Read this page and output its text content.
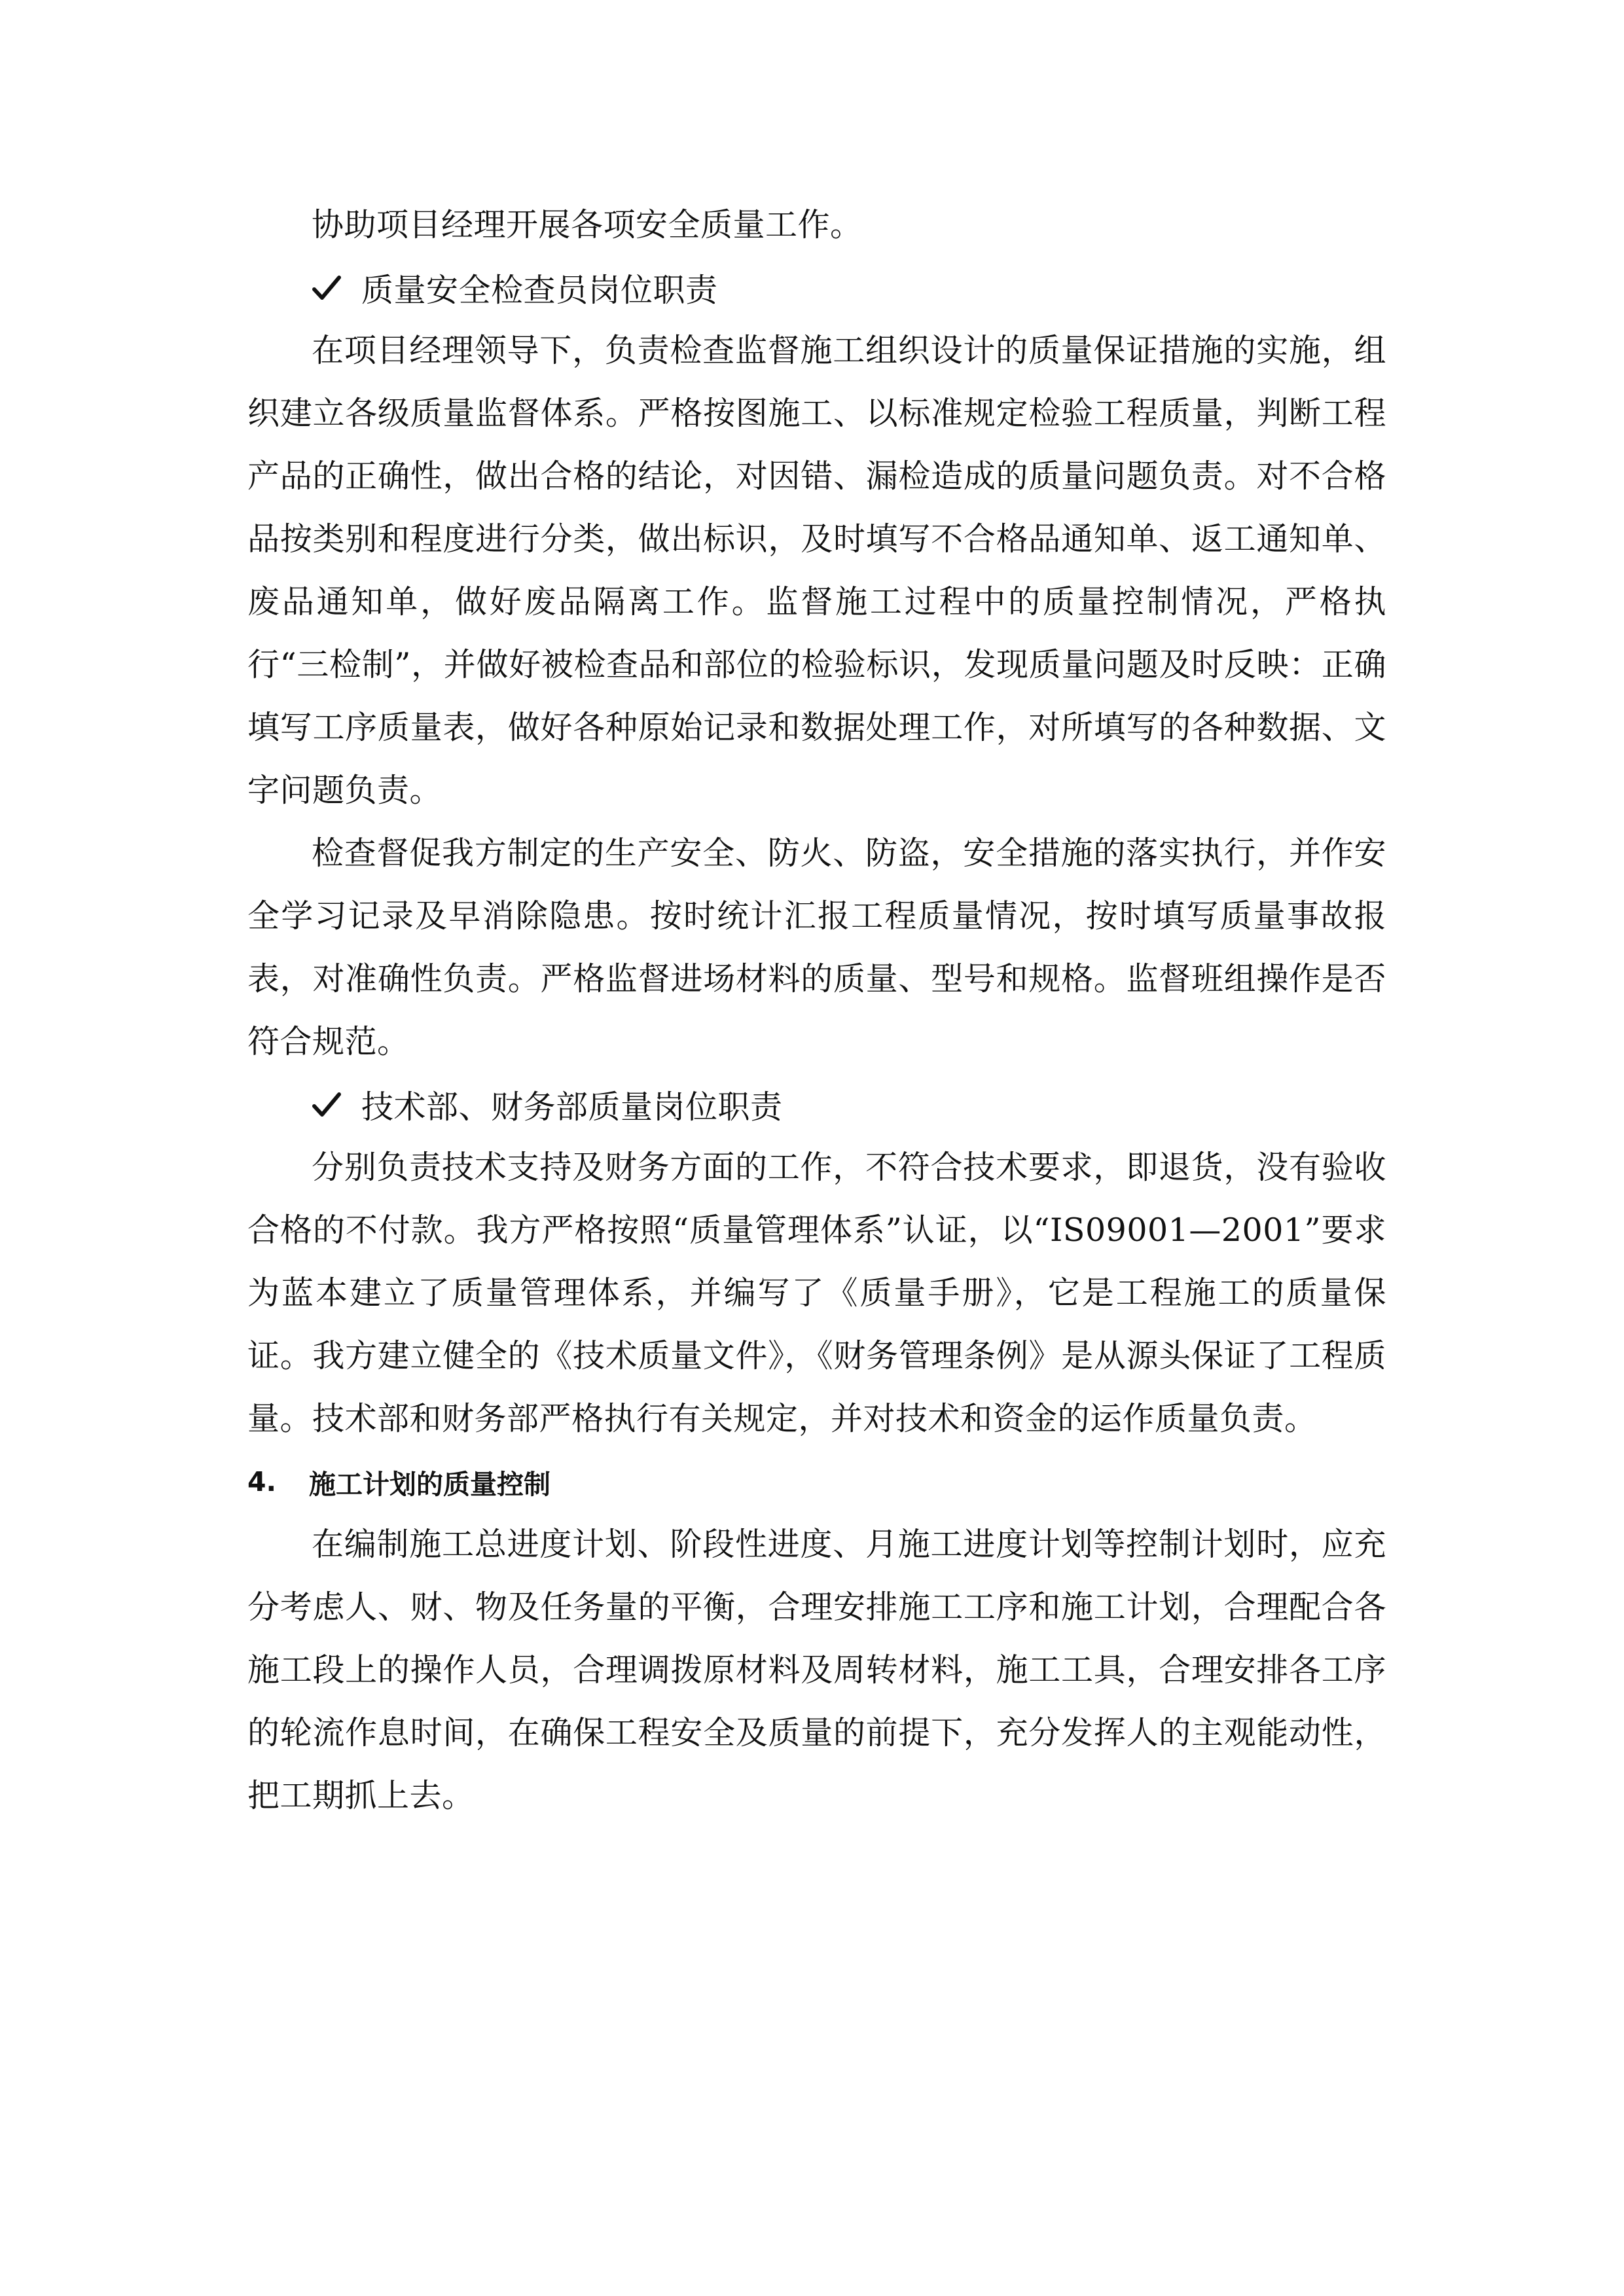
协助项目经理开展各项安全质量工作。

质量安全检查员岗位职责

在项目经理领导下，负责检查监督施工组织设计的质量保证措施的实施，组织建立各级质量监督体系。严格按图施工、以标准规定检验工程质量，判断工程产品的正确性，做出合格的结论，对因错、漏检造成的质量问题负责。对不合格品按类别和程度进行分类，做出标识，及时填写不合格品通知单、返工通知单、废品通知单，做好废品隔离工作。监督施工过程中的质量控制情况，严格执行“三检制”，并做好被检查品和部位的检验标识，发现质量问题及时反映：正确填写工序质量表，做好各种原始记录和数据处理工作，对所填写的各种数据、文字问题负责。

检查督促我方制定的生产安全、防火、防盗，安全措施的落实执行，并作安全学习记录及早消除隐患。按时统计汇报工程质量情况，按时填写质量事故报表，对准确性负责。严格监督进场材料的质量、型号和规格。监督班组操作是否符合规范。

技术部、财务部质量岗位职责

分别负责技术支持及财务方面的工作，不符合技术要求，即退货，没有验收合格的不付款。我方严格按照“质量管理体系”认证，以“IS09001—2001”要求为蓝本建立了质量管理体系，并编写了《质量手册》，它是工程施工的质量保证。我方建立健全的《技术质量文件》，《财务管理条例》是从源头保证了工程质量。技术部和财务部严格执行有关规定，并对技术和资金的运作质量负责。

4.	施工计划的质量控制

在编制施工总进度计划、阶段性进度、月施工进度计划等控制计划时，应充分考虑人、财、物及任务量的平衡，合理安排施工工序和施工计划，合理配合各施工段上的操作人员，合理调拨原材料及周转材料，施工工具，合理安排各工序的轮流作息时间，在确保工程安全及质量的前提下，充分发挥人的主观能动性，把工期抓上去。
